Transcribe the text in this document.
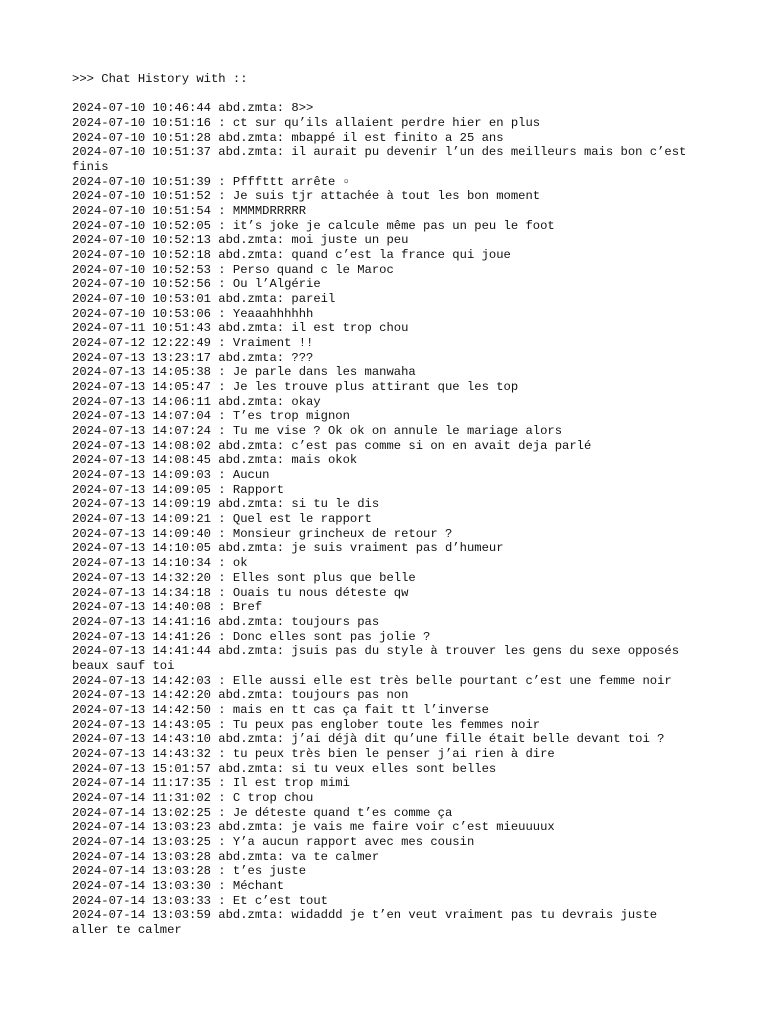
>>> Chat History with ::
2024-07-10 10:46:44 abd.zmta: 8>>
2024-07-10 10:51:16 : ct sur qu’ils allaient perdre hier en plus
2024-07-10 10:51:28 abd.zmta: mbappé il est finito a 25 ans
2024-07-10 10:51:37 abd.zmta: il aurait pu devenir l’un des meilleurs mais bon c’est finis
2024-07-10 10:51:39 : Pfffttt arrête ▫
2024-07-10 10:51:52 : Je suis tjr attachée à tout les bon moment
2024-07-10 10:51:54 : MMMMDRRRRR
2024-07-10 10:52:05 : it’s joke je calcule même pas un peu le foot
2024-07-10 10:52:13 abd.zmta: moi juste un peu
2024-07-10 10:52:18 abd.zmta: quand c’est la france qui joue
2024-07-10 10:52:53 : Perso quand c le Maroc
2024-07-10 10:52:56 : Ou l’Algérie
2024-07-10 10:53:01 abd.zmta: pareil
2024-07-10 10:53:06 : Yeaaahhhhhh
2024-07-11 10:51:43 abd.zmta: il est trop chou
2024-07-12 12:22:49 : Vraiment !!
2024-07-13 13:23:17 abd.zmta: ???
2024-07-13 14:05:38 : Je parle dans les manwaha
2024-07-13 14:05:47 : Je les trouve plus attirant que les top
2024-07-13 14:06:11 abd.zmta: okay
2024-07-13 14:07:04 : T’es trop mignon
2024-07-13 14:07:24 : Tu me vise ? Ok ok on annule le mariage alors
2024-07-13 14:08:02 abd.zmta: c’est pas comme si on en avait deja parlé
2024-07-13 14:08:45 abd.zmta: mais okok
2024-07-13 14:09:03 : Aucun
2024-07-13 14:09:05 : Rapport
2024-07-13 14:09:19 abd.zmta: si tu le dis
2024-07-13 14:09:21 : Quel est le rapport
2024-07-13 14:09:40 : Monsieur grincheux de retour ?
2024-07-13 14:10:05 abd.zmta: je suis vraiment pas d’humeur
2024-07-13 14:10:34 : ok
2024-07-13 14:32:20 : Elles sont plus que belle
2024-07-13 14:34:18 : Ouais tu nous déteste qw
2024-07-13 14:40:08 : Bref
2024-07-13 14:41:16 abd.zmta: toujours pas
2024-07-13 14:41:26 : Donc elles sont pas jolie ?
2024-07-13 14:41:44 abd.zmta: jsuis pas du style à trouver les gens du sexe opposés beaux sauf toi
2024-07-13 14:42:03 : Elle aussi elle est très belle pourtant c’est une femme noir
2024-07-13 14:42:20 abd.zmta: toujours pas non
2024-07-13 14:42:50 : mais en tt cas ça fait tt l’inverse
2024-07-13 14:43:05 : Tu peux pas englober toute les femmes noir
2024-07-13 14:43:10 abd.zmta: j’ai déjà dit qu’une fille était belle devant toi ?
2024-07-13 14:43:32 : tu peux très bien le penser j’ai rien à dire
2024-07-13 15:01:57 abd.zmta: si tu veux elles sont belles
2024-07-14 11:17:35 : Il est trop mimi
2024-07-14 11:31:02 : C trop chou
2024-07-14 13:02:25 : Je déteste quand t’es comme ça
2024-07-14 13:03:23 abd.zmta: je vais me faire voir c’est mieuuuux
2024-07-14 13:03:25 : Y’a aucun rapport avec mes cousin
2024-07-14 13:03:28 abd.zmta: va te calmer
2024-07-14 13:03:28 : t’es juste
2024-07-14 13:03:30 : Méchant
2024-07-14 13:03:33 : Et c’est tout
2024-07-14 13:03:59 abd.zmta: widaddd je t’en veut vraiment pas tu devrais juste aller te calmer
